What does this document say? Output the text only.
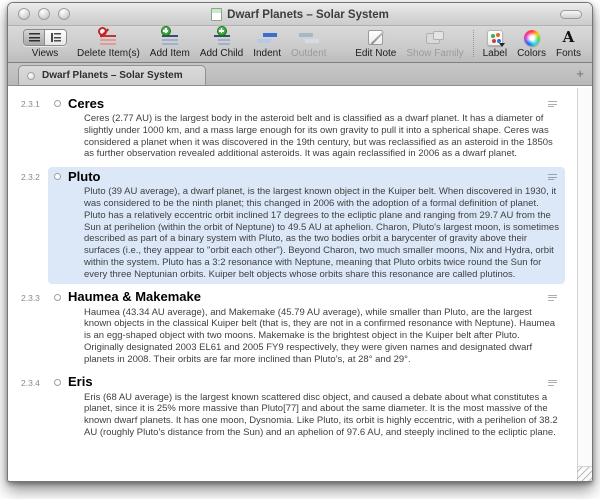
Dwarf Planets – Solar System
Views Delete Item(s) Add Item Add Child Indent Outdent	Edit Note Show Family Label Colors
A
Fonts
Dwarf Planets – Solar System	+
2.3.1	Ceres
Ceres (2.77 AU) is the largest body in the asteroid belt and is classified as a dwarf planet. It has a diameter of slightly under 1000 km, and a mass large enough for its own gravity to pull it into a spherical shape. Ceres was considered a planet when it was discovered in the 19th century, but was reclassified as an asteroid in the 1850s as further observation revealed additional asteroids. It was again reclassified in 2006 as a dwarf planet.
2.3.2	Pluto
Pluto (39 AU average), a dwarf planet, is the largest known object in the Kuiper belt. When discovered in 1930, it was considered to be the ninth planet; this changed in 2006 with the adoption of a formal definition of planet. Pluto has a relatively eccentric orbit inclined 17 degrees to the ecliptic plane and ranging from 29.7 AU from the Sun at perihelion (within the orbit of Neptune) to 49.5 AU at aphelion. Charon, Pluto's largest moon, is sometimes described as part of a binary system with Pluto, as the two bodies orbit a barycenter of gravity above their surfaces (i.e., they appear to "orbit each other"). Beyond Charon, two much smaller moons, Nix and Hydra, orbit within the system. Pluto has a 3:2 resonance with Neptune, meaning that Pluto orbits twice round the Sun for every three Neptunian orbits. Kuiper belt objects whose orbits share this resonance are called plutinos.
2.3.3	Haumea & Makemake
Haumea (43.34 AU average), and Makemake (45.79 AU average), while smaller than Pluto, are the largest known objects in the classical Kuiper belt (that is, they are not in a confirmed resonance with Neptune). Haumea is an egg-shaped object with two moons. Makemake is the brightest object in the Kuiper belt after Pluto. Originally designated 2003 EL61 and 2005 FY9 respectively, they were given names and designated dwarf planets in 2008. Their orbits are far more inclined than Pluto's, at 28° and 29°.
2.3.4	Eris
Eris (68 AU average) is the largest known scattered disc object, and caused a debate about what constitutes a planet, since it is 25% more massive than Pluto[77] and about the same diameter. It is the most massive of the known dwarf planets. It has one moon, Dysnomia. Like Pluto, its orbit is highly eccentric, with a perihelion of 38.2 AU (roughly Pluto's distance from the Sun) and an aphelion of 97.6 AU, and steeply inclined to the ecliptic plane.
